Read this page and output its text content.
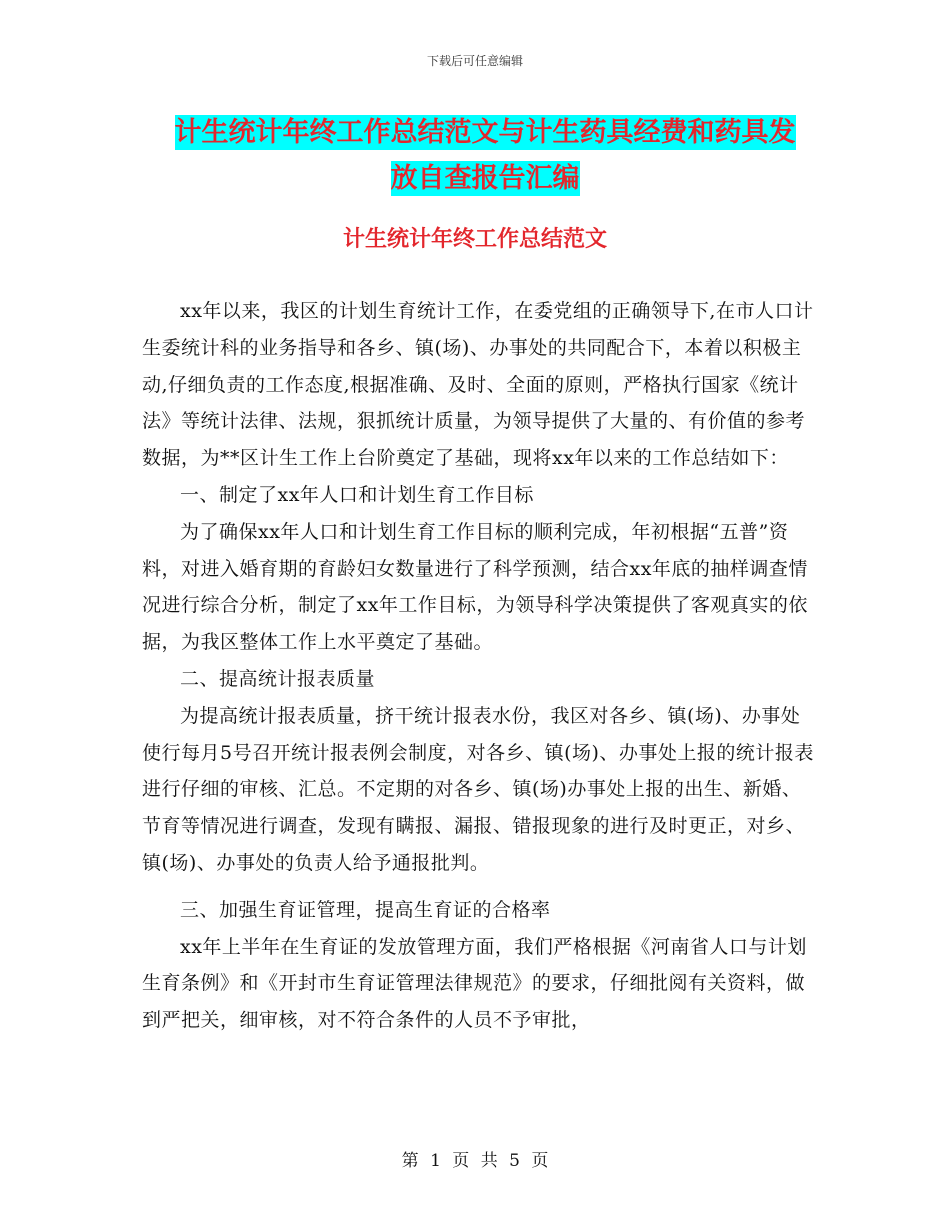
下载后可任意编辑
计生统计年终工作总结范文与计生药具经费和药具发
放自查报告汇编
计生统计年终工作总结范文

xx年以来，我区的计划生育统计工作，在委党组的正确领导下,在市人口计生委统计科的业务指导和各乡、镇(场)、办事处的共同配合下，本着以积极主动,仔细负责的工作态度,根据准确、及时、全面的原则，严格执行国家《统计法》等统计法律、法规，狠抓统计质量，为领导提供了大量的、有价值的参考数据，为**区计生工作上台阶奠定了基础，现将xx年以来的工作总结如下：

一、制定了xx年人口和计划生育工作目标

为了确保xx年人口和计划生育工作目标的顺利完成，年初根据“五普”资料，对进入婚育期的育龄妇女数量进行了科学预测，结合xx年底的抽样调查情况进行综合分析，制定了xx年工作目标，为领导科学决策提供了客观真实的依据，为我区整体工作上水平奠定了基础。

二、提高统计报表质量

为提高统计报表质量，挤干统计报表水份，我区对各乡、镇(场)、办事处使行每月5号召开统计报表例会制度，对各乡、镇(场)、办事处上报的统计报表进行仔细的审核、汇总。不定期的对各乡、镇(场)办事处上报的出生、新婚、节育等情况进行调查，发现有瞒报、漏报、错报现象的进行及时更正，对乡、镇(场)、办事处的负责人给予通报批判。

三、加强生育证管理，提高生育证的合格率

xx年上半年在生育证的发放管理方面，我们严格根据《河南省人口与计划生育条例》和《开封市生育证管理法律规范》的要求，仔细批阅有关资料，做到严把关，细审核，对不符合条件的人员不予审批，

第 1 页 共 5 页
